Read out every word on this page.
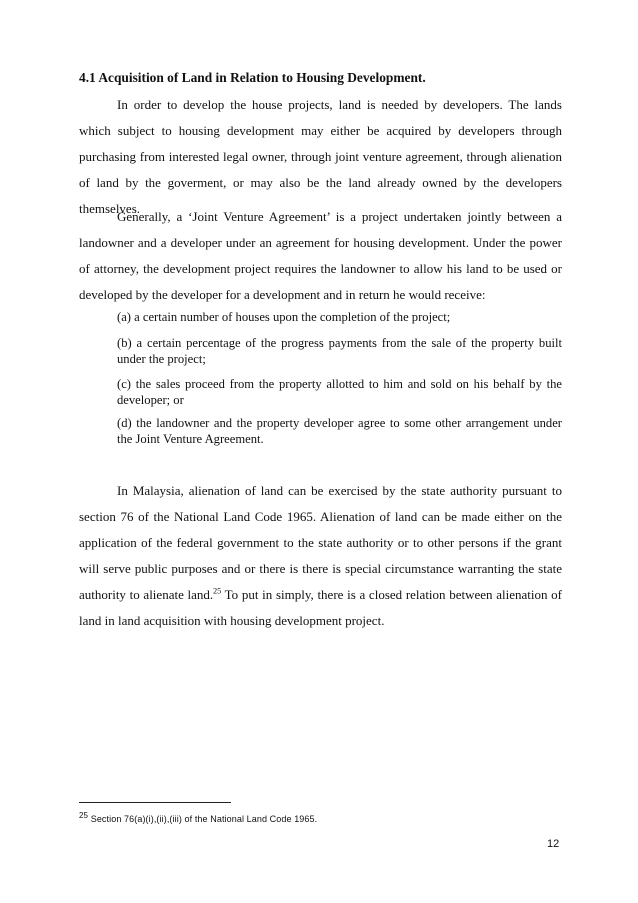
4.1 Acquisition of Land in Relation to Housing Development.

In order to develop the house projects, land is needed by developers. The lands which subject to housing development may either be acquired by developers through purchasing from interested legal owner, through joint venture agreement, through alienation of land by the goverment, or may also be the land already owned by the developers themselves.

Generally, a ‘Joint Venture Agreement’ is a project undertaken jointly between a landowner and a developer under an agreement for housing development. Under the power of attorney, the development project requires the landowner to allow his land to be used or developed by the developer for a development and in return he would receive:

(a) a certain number of houses upon the completion of the project;

(b) a certain percentage of the progress payments from the sale of the property built under the project;

(c) the sales proceed from the property allotted to him and sold on his behalf by the developer; or

(d) the landowner and the property developer agree to some other arrangement under the Joint Venture Agreement.

In Malaysia, alienation of land can be exercised by the state authority pursuant to section 76 of the National Land Code 1965. Alienation of land can be made either on the application of the federal government to the state authority or to other persons if the grant will serve public purposes and or there is there is special circumstance warranting the state authority to alienate land.$^{25}$ To put in simply, there is a closed relation between alienation of land in land acquisition with housing development project.

$^{25}$ Section 76(a)(i),(ii),(iii) of the National Land Code 1965.
12
